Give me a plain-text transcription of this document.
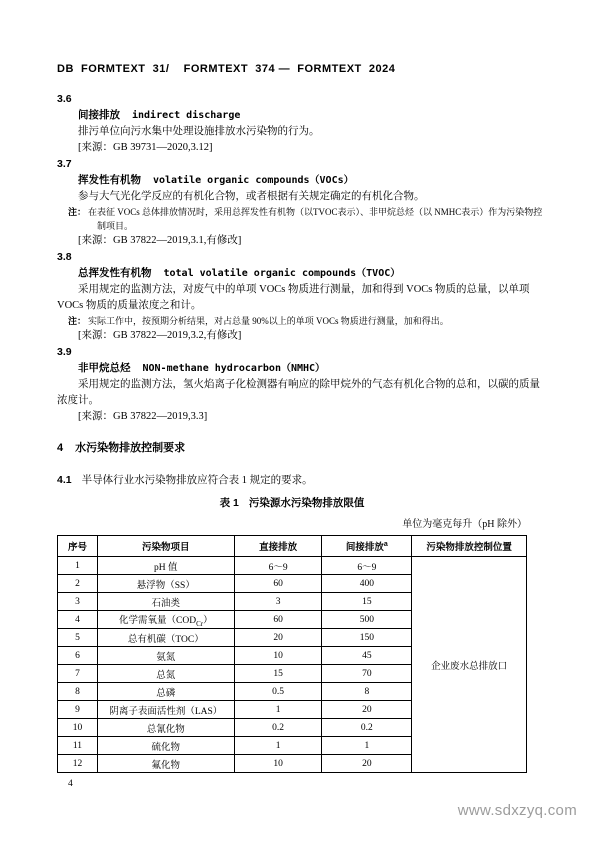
DB  FORMTEXT  31/    FORMTEXT  374 —  FORMTEXT  2024
3.6
间接排放 indirect discharge

排污单位向污水集中处理设施排放水污染物的行为。

[来源：GB 39731—2020,3.12]

3.7
挥发性有机物 volatile organic compounds（VOCs）

参与大气光化学反应的有机化合物，或者根据有关规定确定的有机化合物。

注： 在表征 VOCs 总体排放情况时，采用总挥发性有机物（以TVOC表示）、非甲烷总烃（以 NMHC表示）作为污染物控制项目。

[来源：GB 37822—2019,3.1,有修改]

3.8
总挥发性有机物 total volatile organic compounds（TVOC）

采用规定的监测方法，对废气中的单项 VOCs 物质进行测量，加和得到 VOCs 物质的总量，以单项 VOCs 物质的质量浓度之和计。

注： 实际工作中，按预期分析结果，对占总量 90%以上的单项 VOCs 物质进行测量，加和得出。

[来源：GB 37822—2019,3.2,有修改]

3.9
非甲烷总烃 NON-methane hydrocarbon（NMHC）

采用规定的监测方法，氢火焰离子化检测器有响应的除甲烷外的气态有机化合物的总和，以碳的质量浓度计。

[来源：GB 37822—2019,3.3]

4 水污染物排放控制要求
4.1 半导体行业水污染物排放应符合表 1 规定的要求。
表 1 污染源水污染物排放限值
单位为毫克每升（pH 除外）
序号	污染物项目	直接排放	间接排放$^a$	污染物排放控制位置
1	pH 值	6～9	6～9	企业废水总排放口
2	悬浮物（SS）	60	400	
3	石油类	3	15	
4	化学需氧量$(COD_{Cr})$	60	500	
5	总有机碳（TOC）	20	150	
6	氨氮	10	45	
7	总氮	15	70	
8	总磷	0.5	8	
9	阴离子表面活性剂（LAS）	1	20	
10	总氰化物	0.2	0.2	
11	硫化物	1	1	
12	氟化物	10	20	
4
www.sdxzyq.com
